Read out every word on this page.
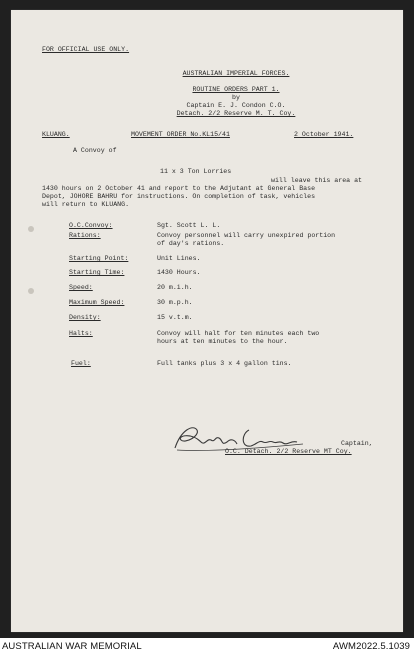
FOR OFFICIAL USE ONLY.
AUSTRALIAN IMPERIAL FORCES.
ROUTINE ORDERS PART 1.
by
Captain E. J. Condon C.O.
Detach. 2/2 Reserve M. T. Coy.
KLUANG.	MOVEMENT ORDER No.KL15/41	2 October 1941.
A Convoy of
11 x 3 Ton Lorries
will leave this area at
1430 hours on 2 October 41 and report to the Adjutant at General Base
Depot, JOHORE BAHRU for instructions. On completion of task, vehicles
will return to KLUANG.
O.C.Convoy:	Sgt. Scott L. L.
Rations:	Convoy personnel will carry unexpired portion
of day's rations.
Starting Point:	Unit Lines.
Starting Time:	1430 Hours.
Speed:	20 m.i.h.
Maximum Speed:	30 m.p.h.
Density:	15 v.t.m.
Halts:	Convoy will halt for ten minutes each two
hours at ten minutes to the hour.
Fuel:	Full tanks plus 3 x 4 gallon tins.
Captain,
O.C. Detach. 2/2 Reserve MT Coy.
AUSTRALIAN WAR MEMORIAL	AWM2022.5.1039
